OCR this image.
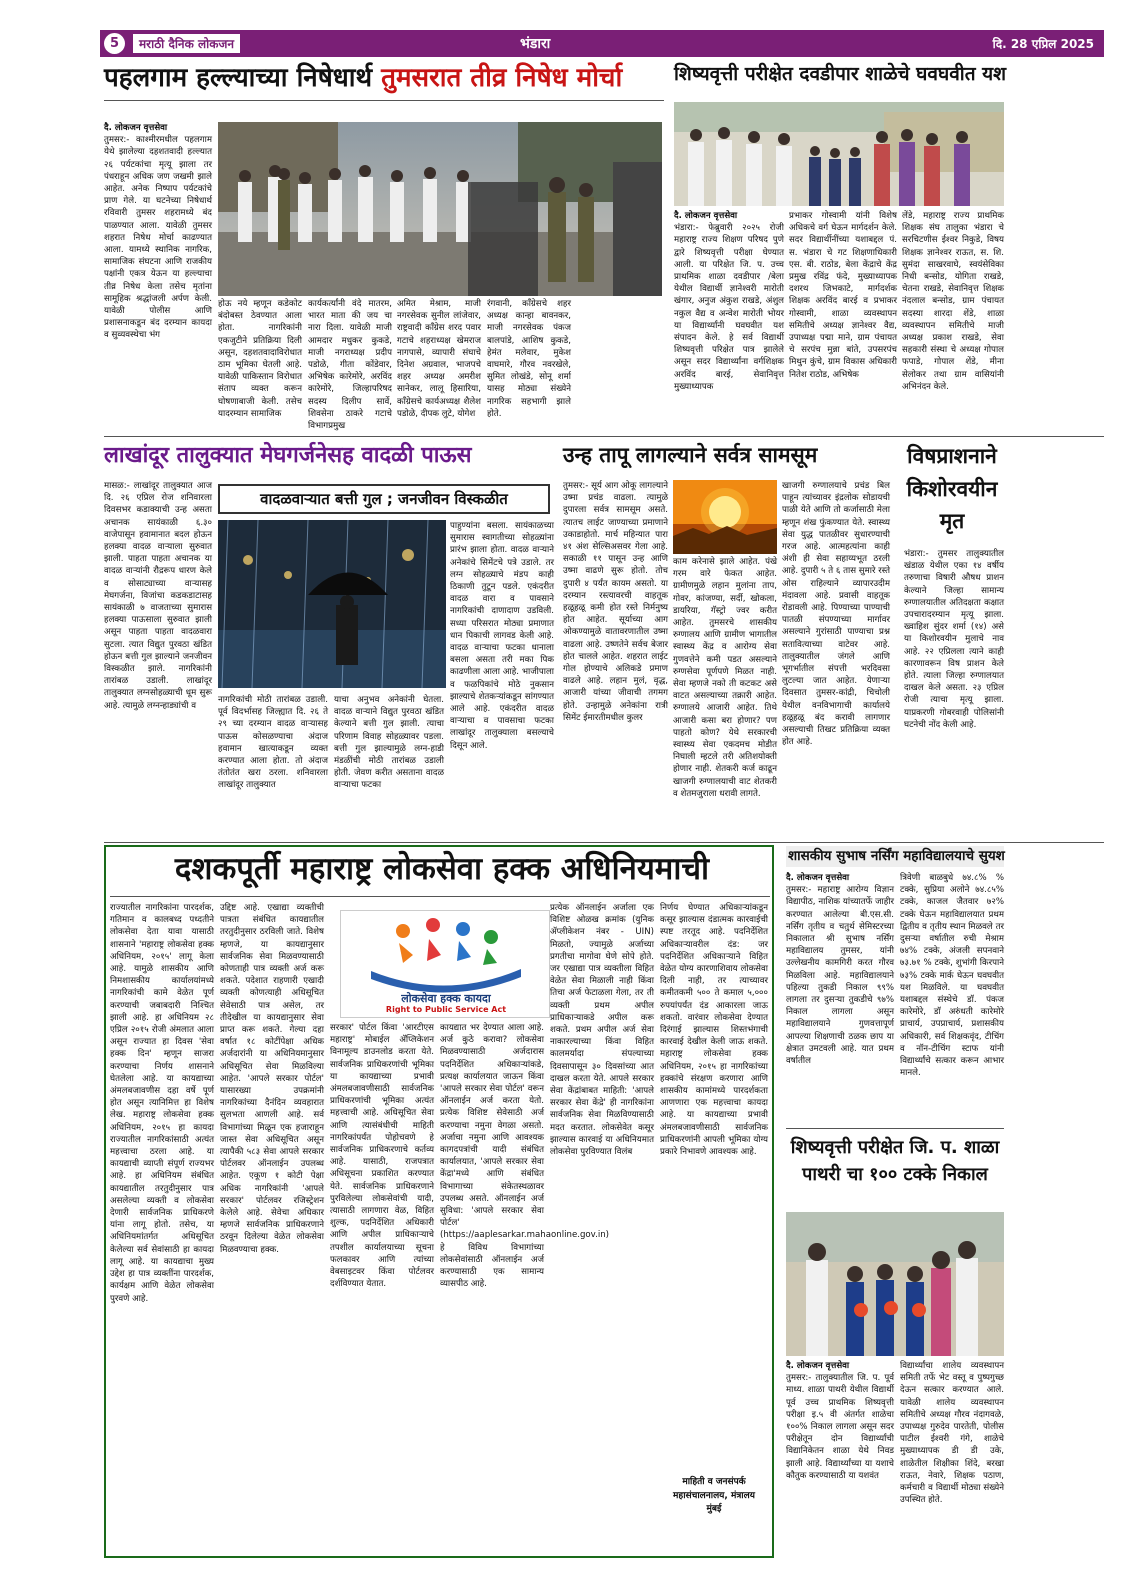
5	मराठी दैनिक लोकजन	भंडारा	दि. 28 एप्रिल 2025
पहलगाम हल्ल्याच्या निषेधार्थ तुमसरात तीव्र निषेध मोर्चा
दै. लोकजन वृत्तसेवा
तुमसर:- काश्मीरमधील पहलगाम येथे झालेल्या दहशतवादी हल्ल्यात २६ पर्यटकांचा मृत्यू झाला तर पंधराहून अधिक जण जखमी झाले आहेत. अनेक निष्पाप पर्यटकांचे प्राण गेले. या घटनेच्या निषेधार्थ रविवारी तुमसर शहरामध्ये बंद पाळण्यात आला. यावेळी तुमसर शहरात निषेध मोर्चा काढण्यात आला. यामध्ये स्थानिक नागरिक, सामाजिक संघटना आणि राजकीय पक्षांनी एकत्र येऊन या हल्ल्याचा तीव्र निषेध केला तसेच मृतांना सामूहिक श्रद्धांजली अर्पण केली. यावेळी पोलीस आणि प्रशासनाकडून बंद दरम्यान कायदा व सुव्यवस्थेचा भंग
होऊ नये म्हणून कडेकोट बंदोबस्त ठेवण्यात आला होता. नागरिकांनी एकजुटीने प्रतिक्रिया दिली असून, दहशतवादाविरोधात ठाम भूमिका घेतली आहे. यावेळी पाकिस्तान विरोधात संताप व्यक्त करून घोषणाबाजी केली. तसेच यादरम्यान सामाजिक
कार्यकर्त्यांनी वंदे मातरम, भारत माता की जय चा नारा दिला. यावेळी माजी आमदार मधुकर कुकडे, माजी नगराध्यक्ष प्रदीप पडोळे, गीता कोंडेवार, अभिषेक कारेमोरे, अरविंद कारेमोरे, जिल्हापरिषद सदस्य दिलीप सार्वे, शिवसेना ठाकरे गटाचे विभागप्रमुख
अमित मेश्राम, माजी नगरसेवक सुनील लांजेवार, राष्ट्रवादी काँग्रेस शरद पवार गटाचे शहराध्यक्ष खेमराज नागपासे, व्यापारी संघाचे दिनेश अग्रवाल, भाजपचे शहर अध्यक्ष अमरीश सानेकर, लालू हिसारिया, काँग्रेसचे कार्यअध्यक्ष शैलेश पडोळे, दीपक लुटे, योगेश
रंगवानी, काँग्रेसचे शहर अध्यक्ष कान्हा बावनकर, माजी नगरसेवक पंकज बालपांडे, आशिष कुकडे, हेमंत मलेवार, मुकेश वाघमारे, गौरव नवरखेले, सुमित लोखंडे, सोनू शर्मा यासह मोठ्या संख्येने नागरिक सहभागी झाले होते.
शिष्यवृत्ती परीक्षेत दवडीपार शाळेचे घवघवीत यश
दै. लोकजन वृत्तसेवा
भंडारा:- फेब्रुवारी २०२५ रोजी महाराष्ट्र राज्य शिक्षण परिषद पुणे द्वारे शिष्यवृत्ती परीक्षा घेण्यात आली. या परिक्षेत जि. प. उच्च प्राथमिक शाळा दवडीपार /बेला येथील विद्यार्थी ज्ञानेश्वरी मारोती खंगार, अनुज अंकुश राखडे, अंशुल नकुल वैद्य व अन्वेश मारोती भोयर या विद्यार्थ्यांनी घवघवीत यश संपादन केले. हे सर्व विद्यार्थी शिष्यवृत्ती परिक्षेत पात्र झालेले असून सदर विद्यार्थ्यांना वर्गशिक्षक अरविंद बारई, सेवानिवृत्त मुख्याध्यापक
प्रभाकर गोस्वामी यांनी विशेष अधिकचे वर्ग घेऊन मार्गदर्शन केले. सदर विद्यार्थीनींच्या यशाबद्दल पं. स. भंडारा चे गट शिक्षणाधिकारी एस. बी. राठोड, बेला केंद्राचे केंद्र प्रमुख रविंद्र फंदे, मुख्याध्यापक दशरथ जिभकाटे, मार्गदर्शक शिक्षक अरविंद बारई व प्रभाकर गोस्वामी, शाळा व्यवस्थापन समितीचे अध्यक्ष ज्ञानेश्वर वैद्य, उपाध्यक्ष पद्मा माने, ग्राम पंचायत चे सरपंच मुन्ना बांते, उपसरपंच मिथुन कुंचे, ग्राम विकास अधिकारी नितेश राठोड, अभिषेक
लेंडे, महाराष्ट्र राज्य प्राथमिक शिक्षक संघ तालुका भंडारा चे सरचिटणीस ईश्वर निकुडे, विषय शिक्षक ज्ञानेश्वर राऊत, स. शि. सुमंदा साखरवाघे, स्वयंसेविका निधी बन्सोड, योगिता राखडे, चेतना राखडे, सेवानिवृत्त शिक्षक नंदलाल बन्सोड, ग्राम पंचायत सदस्या शारदा शेंडे, शाळा व्यवस्थापन समितीचे माजी अध्यक्ष प्रकाश राखडे, सेवा सहकारी संस्था चे अध्यक्ष गोपाल फपाडे, गोपाल शेंडे, मीना सेलोकर तथा ग्राम वासियांनी अभिनंदन केले.
लाखांदूर तालुक्यात मेघगर्जनेसह वादळी पाऊस
मासळ:- लाखांदूर तालुक्यात आज दि. २६ एप्रिल रोज शनिवारला दिवसभर कडाक्याची उन्ह असता अचानक सायंकाळी ६.३० वाजेपासून हवामानात बदल होऊन हलक्या वादळ वाऱ्याला सुरुवात झाली. पाहता पाहता अचानक या वादळ वाऱ्यांनी रौद्ररूप धारण केले व सोसाट्याच्या वाऱ्यासह मेघगर्जना, विजांचा कडकडाटासह सायंकाळी ७ वाजताच्या सुमारास हलक्या पाऊसाला सुरुवात झाली असून पाहता पाहता वादळवारा सुटला. त्यात विद्युत पुरवठा खंडित होऊन बत्ती गुल झाल्याने जनजीवन विस्कळीत झाले. नागरिकांनी तारांबळ उडाली. लाखांदूर तालुक्यात लग्नसोहळ्याची धूम सुरू आहे. त्यामुळे लग्नन्हाड्यांची व
वादळवाऱ्यात बत्ती गुल ; जनजीवन विस्कळीत
नागरिकांची मोठी तारांबळ उडाली. पूर्व विदर्भासह जिल्ह्यात दि. २६ ते २९ च्या दरम्यान वादळ वाऱ्यासह पाऊस कोसळण्याचा अंदाज हवामान खात्याकडून व्यक्त करण्यात आला होता. तो अंदाज तंतोतंत खरा ठरला. शनिवारला लाखांदूर तालुक्यात
याचा अनुभव अनेकांनी घेतला. वादळ वाऱ्याने विद्युत पुरवठा खंडित केल्याने बत्ती गुल झाली. त्याचा परिणाम विवाह सोहळ्यावर पडला. बत्ती गुल झाल्यामुळे लग्न-हाडी मंडळींची मोठी तारांबळ उडाली होती. जेवण करीत असताना वादळ वाऱ्याचा फटका
पाहुण्यांना बसला. सायंकाळच्या सुमारास स्वागतीच्या सोहळ्यांना प्रारंभ झाला होता. वादळ वाऱ्याने अनेकांचे सिमेंटचे पत्रे उडाले. तर लग्न सोहळ्याचे मंडप काही ठिकाणी तुटून पडले. एकंदरीत वादळ वारा व पावसाने नागरिकांची दाणादाण उडविली. सध्या परिसरात मोठ्या प्रमाणात धान पिकाची लागवड केली आहे. वादळ वाऱ्याचा फटका धानाला बसला असता तरी मका पिक काढणीला आला आहे. भाजीपाला व फळपिकांचे मोठे नुकसान झाल्याचे शेतकऱ्यांकडून सांगण्यात आले आहे. एकंदरीत वादळ वाऱ्याचा व पावसाचा फटका लाखांदूर तालुक्याला बसल्याचे दिसून आले.
उन्ह तापू लागल्याने सर्वत्र सामसूम
तुमसर:- सूर्य आग ओकू लागल्याने उष्मा प्रचंड वाढला. त्यामुळे दुपारला सर्वत्र सामसूम असते. त्यातच लाईट जाण्याच्या प्रमाणाने उकाडाहोतो. मार्च महिन्यात पारा ४१ अंश सेल्सिअसवर गेला आहे. सकाळी ११ पासून उन्ह आणि उष्मा वाढणे सुरू होतो. तोच दुपारी ४ पर्यंत कायम असतो. या दरम्यान रस्त्यावरची वाहतूक हळूहळू कमी होत रस्ते निर्मनुष्य होत आहेत. सूर्याच्या आग ओकण्यामुळे वातावरणातील उष्मा वाढला आहे. उष्णतेने सर्वच बेजार होत चालले आहेत. शहरात लाईट गोल होण्याचे अलिकडे प्रमाण वाढले आहे. लहान मुलं, वृद्ध, आजारी यांच्या जीवाची तगमग होते. उन्हामुळे अनेकांना रात्री सिमेंट ईमारतीमधील कुलर
काम करेनासे झाले आहेत. पंखे गरम वारे फेकत आहेत. ग्रामीणमुळे लहान मुलांना ताप, गोवर, कांजण्या, सर्दी, खोकला, डायरिया, गॅस्ट्रो ज्वर करीत आहेत. तुमसरचे शासकीय रुग्णालय आणि ग्रामीण भागातील स्वास्थ्य केंद्र व आरोग्य सेवा गुणवत्तेने कमी पडत असल्याने रुग्णसेवा पूर्णपणे मिळत नाही. सेवा म्हणजे नको ती कटकट असे वाटत असल्याच्या तक्रारी आहेत. रुग्णालये आजारी आहेत. तिथे आजारी कसा बरा होणार? पण पाहतो कोण? येथे सरकारची स्वास्थ्य सेवा एकदमच मोडीत निघाली म्हटले तरी अतिशयोक्ती होणार नाही. शेतकरी कर्ज काढून खाजगी रुग्णालयाची वाट शेतकरी व शेतमजुराला धरावी लागते.
खाजगी रुग्णालयाचे प्रचंड बिल पाहून त्यांच्यावर इंद्रलोक सोडायची पाळी येते आणि तो कर्जासाठी मेला म्हणून शंख फुंकण्यात येते. स्वास्थ्य सेवा युद्ध पातळीवर सुधारण्याची गरज आहे. आत्महत्यांना काही अंशी ही सेवा सहाय्यभूत ठरली आहे. दुपारी ५ ते ६ तास सुमारे रस्ते ओस राहिल्याने व्यापारउदीम मंदावला आहे. प्रवासी वाहतूक रोडावली आहे. पिण्याच्या पाण्याची पातळी संपण्याच्या मार्गावर असल्याने गुरांसाठी पाण्याचा प्रश्न सतावित्याच्या वाटेवर आहे. तालुक्यातील जंगले आणि भूगर्भातील संपत्ती भरदिवसा लुटल्या जात आहेत. येणाऱ्या दिवसात तुमसर-कांद्री, चिचोली येथील वनविभागाची कार्यालये हळूहळू बंद करावी लागणार असल्याची तिखट प्रतिक्रिया व्यक्त होत आहे.
विषप्राशनाने
किशोरवयीन
मृत
भंडारा:- तुमसर तालुक्यातील खंडाळ येथील एका १४ वर्षीय तरुणाचा विषारी औषध प्राशन केल्याने जिल्हा सामान्य रुग्णालयातील अतिदक्षता कक्षात उपचारादरम्यान मृत्यू झाला. ख्वाहिश सुंदर शर्मा (१४) असे या किशोरवयीन मुलाचे नाव आहे. २२ एप्रिलला त्याने काही कारणावरून विष प्राशन केले होते. त्याला जिल्हा रुग्णालयात दाखल केले असता. २३ एप्रिल रोजी त्याचा मृत्यू झाला. याप्रकरणी गोबरवाही पोलिसांनी घटनेची नोंद केली आहे.
दशकपूर्ती महाराष्ट्र लोकसेवा हक्क अधिनियमाची
राज्यातील नागरिकांना पारदर्शक, गतिमान व कालबध्द पध्दतीने लोकसेवा देता यावा यासाठी शासनाने 'महाराष्ट्र लोकसेवा हक्क अधिनियम, २०१५' लागू केला आहे. यामुळे शासकीय आणि निमशासकीय कार्यालयांमध्ये नागरिकांची कामे वेळेत पूर्ण करण्याची जबाबदारी निश्चित झाली आहे. हा अधिनियम २८ एप्रिल २०१५ रोजी अंमलात आला असून राज्यात हा दिवस 'सेवा हक्क दिन' म्हणून साजरा करण्याचा निर्णय शासनाने घेतलेला आहे. या कायद्याच्या अंमलबजावणीस दहा वर्षे पूर्ण होत असून त्यानिमित्त हा विशेष लेख. महाराष्ट्र लोकसेवा हक्क अधिनियम, २०१५ हा कायदा राज्यातील नागरिकांसाठी अत्यंत महत्त्वाचा ठरला आहे. या कायद्याची व्याप्ती संपूर्ण राज्यभर आहे. हा अधिनियम संबंधित कायद्यातील तरतुदीनुसार पात्र असलेल्या व्यक्ती व लोकसेवा देणारी सार्वजनिक प्राधिकरणे यांना लागू होतो. तसेच, या अधिनियमांतर्गत अधिसूचित केलेल्या सर्व सेवांसाठी हा कायदा लागू आहे. या कायद्याचा मुख्य उद्देश हा पात्र व्यक्तींना पारदर्शक, कार्यक्षम आणि वेळेत लोकसेवा पुरवणे आहे.
उद्दिष्ट आहे. एखाद्या व्यक्तीची पात्रता संबंधित कायद्यातील तरतुदीनुसार ठरविली जाते. विशेष म्हणजे, या कायद्यानुसार सार्वजनिक सेवा मिळवण्यासाठी कोणताही पात्र व्यक्ती अर्ज करू शकते. पदेशात राहणारी एखादी व्यक्ती कोणत्याही अधिसूचित सेवेसाठी पात्र असेल, तर तीदेखील या कायद्यानुसार सेवा प्राप्त करू शकते. गेल्या दहा वर्षात १८ कोटींपेक्षा अधिक अर्जदारांनी या अधिनियमानुसार अधिसूचित सेवा मिळविल्या आहेत. 'आपले सरकार पोर्टल' यासारख्या उपक्रमांनी नागरिकांच्या दैनंदिन व्यवहारात सुलभता आणली आहे. सर्व विभागांच्या मिळून एक हजाराहून जास्त सेवा अधिसूचित असून त्यापैकी ५८३ सेवा आपले सरकार पोर्टलवर ऑनलाईन उपलब्ध आहेत. एकूण १ कोटी पेक्षा अधिक नागरिकांनी 'आपले सरकार' पोर्टलवर रजिस्ट्रेशन केलेले आहे. सेवेचा अधिकार म्हणजे सार्वजनिक प्राधिकरणाने ठरवून दिलेल्या वेळेत लोकसेवा मिळवण्याचा हक्क.
लोकसेवा हक्क कायदा
Right to Public Service Act
सरकार' पोर्टल किंवा 'आरटीएस महाराष्ट्र' मोबाईल ॲप्लिकेशन विनामूल्य डाउनलोड करता येते. सार्वजनिक प्राधिकरणांची भूमिका या कायद्याच्या प्रभावी अंमलबजावणीसाठी सार्वजनिक प्राधिकरणांची भूमिका अत्यंत महत्त्वाची आहे. अधिसूचित सेवा आणि त्यासंबंधीची माहिती नागरिकांपर्यंत पोहोचवणे हे सार्वजनिक प्राधिकरणाचे कर्तव्य आहे. यासाठी, राजपत्रात अधिसूचना प्रकाशित करण्यात येते. सार्वजनिक प्राधिकरणाने पुरविलेल्या लोकसेवांची यादी, त्यासाठी लागणारा वेळ, विहित शुल्क, पदनिर्देशित अधिकारी आणि अपील प्राधिकाऱ्याचे तपशील कार्यालयाच्या सूचना फलकावर आणि त्यांच्या वेबसाइटवर किंवा पोर्टलवर दर्शविण्यात येतात.
कायद्यात भर देण्यात आला आहे. अर्ज कुठे करावा? लोकसेवा मिळवण्यासाठी अर्जदारास पदनिर्देशित अधिकाऱ्यांकडे, प्रत्यक्ष कार्यालयात जाऊन किंवा 'आपले सरकार सेवा पोर्टल' वरून ऑनलाईन अर्ज करता येतो. प्रत्येक विशिष्ट सेवेसाठी अर्ज करण्याचा नमुना वेगळा असतो. अर्जाचा नमुना आणि आवश्यक कागदपत्रांची यादी संबंधित कार्यालयात, 'आपले सरकार सेवा केंद्रा'मध्ये आणि संबंधित विभागाच्या संकेतस्थळावर उपलब्ध असते. ऑनलाईन अर्ज सुविधा: 'आपले सरकार सेवा पोर्टल' (https://aaplesarkar.mahaonline.gov.in) हे विविध विभागांच्या लोकसेवांसाठी ऑनलाईन अर्ज करण्यासाठी एक सामान्य व्यासपीठ आहे.
प्रत्येक ऑनलाईन अर्जाला एक विशिष्ट ओळख क्रमांक (युनिक ॲप्लीकेशन नंबर - UIN) मिळतो, ज्यामुळे अर्जाच्या प्रगतीचा मागोवा घेणे सोपे होते. जर एखाद्या पात्र व्यक्तीला विहित वेळेत सेवा मिळाली नाही किंवा तिचा अर्ज फेटाळला गेला, तर ती व्यक्ती प्रथम अपील प्राधिकाऱ्याकडे अपील करू शकते. प्रथम अपील अर्ज सेवा नाकारल्याच्या किंवा विहित कालमर्यादा संपल्याच्या दिवसापासून ३० दिवसांच्या आत दाखल करता येते. आपले सरकार सेवा केंद्रांबाबत माहिती: 'आपले सरकार सेवा केंद्रे' ही नागरिकांना सार्वजनिक सेवा मिळविण्यासाठी मदत करतात. लोकसेवेत कसूर झाल्यास कारवाई या अधिनियमात लोकसेवा पुरविण्यात विलंब
निर्णय घेण्यात अधिकाऱ्यांकडून कसूर झाल्यास दंडात्मक कारवाईची स्पष्ट तरतूद आहे. पदनिर्देशित अधिकाऱ्यावरील दंड: जर पदनिर्देशित अधिकाऱ्याने विहित वेळेत योग्य कारणाशिवाय लोकसेवा दिली नाही, तर त्याच्यावर कमीतकमी ५०० ते कमाल ५,००० रुपयांपर्यंत दंड आकारला जाऊ शकतो. वारंवार लोकसेवा देण्यात दिरंगाई झाल्यास शिस्तभंगाची कारवाई देखील केली जाऊ शकते. महाराष्ट्र लोकसेवा हक्क अधिनियम, २०१५ हा नागरिकांच्या हक्कांचे संरक्षण करणारा आणि शासकीय कामांमध्ये पारदर्शकता आणणारा एक महत्त्वाचा कायदा आहे. या कायद्याच्या प्रभावी अंमलबजावणीसाठी सार्वजनिक प्राधिकरणांनी आपली भूमिका योग्य प्रकारे निभावणे आवश्यक आहे.
माहिती व जनसंपर्क
महासंचालनालय, मंत्रालय
मुंबई
शासकीय सुभाष नर्सिंग महाविद्यालयाचे सुयश
दै. लोकजन वृत्तसेवा
तुमसर:- महाराष्ट्र आरोग्य विज्ञान विद्यापीठ, नाशिक यांच्यातर्फे जाहीर करण्यात आलेल्या बी.एस.सी. नर्सिंग तृतीय व चतुर्थ सेमिस्टरच्या निकालात श्री सुभाष नर्सिंग महाविद्यालय तुमसर, यांनी उल्लेखनीय कामगिरी करत गौरव मिळविला आहे. महाविद्यालयाने पहिल्या तुकडी निकाल ९९% लागला तर दुसऱ्या तुकडीचे ९७% निकाल लागला असून महाविद्यालयाने गुणवत्तापूर्ण आपल्या शिक्षणाची ठळक छाप या क्षेत्रात उमटवली आहे. यात प्रथम वर्षातील
त्रिवेणी बाळबुधे ७४.८% % टक्के, सुप्रिया अलोने ७४.८५% टक्के, काजल जैतवार ७२% टक्के घेऊन महाविद्यालयात प्रथम द्वितीय व तृतीय स्थान मिळवले तर दुसऱ्या वर्षातील रुची मेश्राम ७४% टक्के, अंजली सपनवाने ७३.७१ % टक्के, शुभांगी किरपाने ७३% टक्के मार्क घेऊन घवघवीत यश मिळविले. या घवघवीत यशाबद्दल संस्थेचे डॉ. पंकज कारेमोरे, डॉ अरुंधती कारेमोरे प्राचार्य, उपप्राचार्य, प्रशासकीय अधिकारी, सर्व शिक्षकवृंद, टीचिंग व नॉन-टीचिंग स्टाफ यांनी विद्यार्थ्यांचे सत्कार करून आभार मानले.
शिष्यवृत्ती परीक्षेत जि. प. शाळा
पाथरी चा १०० टक्के निकाल
दै. लोकजन वृत्तसेवा
तुमसर:- तालुक्यातील जि. प. पूर्व माध्य. शाळा पाथरी येथील विद्यार्थी पूर्व उच्च प्राथमिक शिष्यवृत्ती परीक्षा इ.५ वी अंतर्गत शाळेचा १००% निकाल लागला असून सदर परीक्षेतून दोन विद्यार्थ्यांची विद्यानिकेतन शाळा येथे निवड झाली आहे. विद्यार्थ्यांच्या या यशाचे कौतुक करण्यासाठी या यशवंत
विद्यार्थ्यांचा शालेय व्यवस्थापन समिती तर्फे भेट वस्तू व पुष्पगुच्छ देऊन सत्कार करण्यात आले. यावेळी शालेय व्यवस्थापन समितीचे अध्यक्ष गौरव नंदागवळे, उपाध्यक्ष गुरुदेव पारतेती, पोलीस पाटील ईश्वरी गंगे, शाळेचे मुख्याध्यापक डी डी उके, शाळेतील शिक्षीका शिंदे, बरखा राऊत, नेवारे, शिक्षक पठाण, कर्मचारी व विद्यार्थी मोठ्या संख्येने उपस्थित होते.
